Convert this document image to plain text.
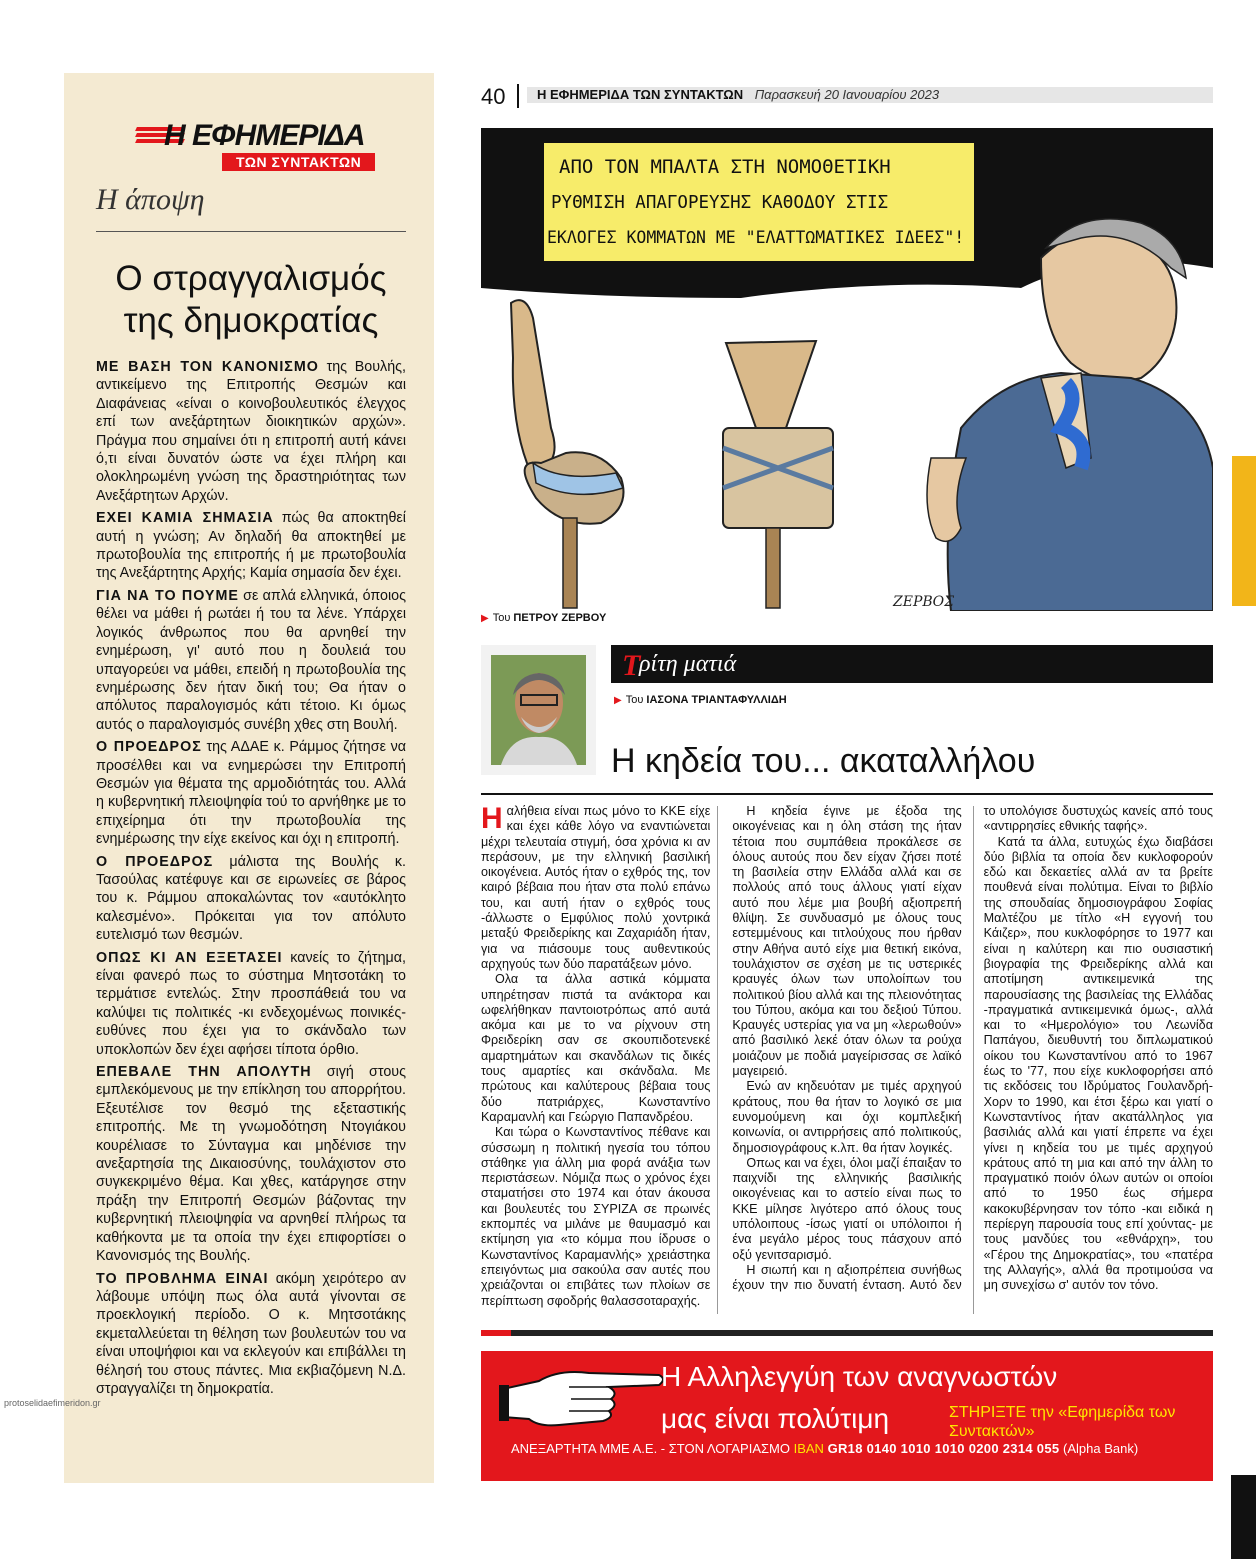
Η ΕΦΗΜΕΡΙΔΑ
ΤΩΝ ΣΥΝΤΑΚΤΩΝ
Η άποψη
Ο στραγγαλισμός
της δημοκρατίας

ΜΕ ΒΑΣΗ ΤΟΝ ΚΑΝΟΝΙΣΜΟ της Βουλής, αντικείμενο της Επιτροπής Θεσμών και Διαφάνειας «είναι ο κοινοβουλευτικός έλεγχος επί των ανεξάρτητων διοικητικών αρχών». Πράγμα που σημαίνει ότι η επιτροπή αυτή κάνει ό,τι είναι δυνατόν ώστε να έχει πλήρη και ολοκληρωμένη γνώση της δραστηριότητας των Ανεξάρτητων Αρχών.

ΕΧΕΙ ΚΑΜΙΑ ΣΗΜΑΣΙΑ πώς θα αποκτηθεί αυτή η γνώση; Αν δηλαδή θα αποκτηθεί με πρωτοβουλία της επιτροπής ή με πρωτοβουλία της Ανεξάρτητης Αρχής; Καμία σημασία δεν έχει.

ΓΙΑ ΝΑ ΤΟ ΠΟΥΜΕ σε απλά ελληνικά, όποιος θέλει να μάθει ή ρωτάει ή του τα λένε. Υπάρχει λογικός άνθρωπος που θα αρνηθεί την ενημέρωση, γι' αυτό που η δουλειά του υπαγορεύει να μάθει, επειδή η πρωτοβουλία της ενημέρωσης δεν ήταν δική του; Θα ήταν ο απόλυτος παραλογισμός κάτι τέτοιο. Κι όμως αυτός ο παραλογισμός συνέβη χθες στη Βουλή.

Ο ΠΡΟΕΔΡΟΣ της ΑΔΑΕ κ. Ράμμος ζήτησε να προσέλθει και να ενημερώσει την Επιτροπή Θεσμών για θέματα της αρμοδιότητάς του. Αλλά η κυβερνητική πλειοψηφία τού το αρνήθηκε με το επιχείρημα ότι την πρωτοβουλία της ενημέρωσης την είχε εκείνος και όχι η επιτροπή.

Ο ΠΡΟΕΔΡΟΣ μάλιστα της Βουλής κ. Τασούλας κατέφυγε και σε ειρωνείες σε βάρος του κ. Ράμμου αποκαλώντας τον «αυτόκλητο καλεσμένο». Πρόκειται για τον απόλυτο ευτελισμό των θεσμών.

ΟΠΩΣ ΚΙ ΑΝ ΕΞΕΤΑΣΕΙ κανείς το ζήτημα, είναι φανερό πως το σύστημα Μητσοτάκη το τερμάτισε εντελώς. Στην προσπάθειά του να καλύψει τις πολιτικές -κι ενδεχομένως ποινικές- ευθύνες που έχει για το σκάνδαλο των υποκλοπών δεν έχει αφήσει τίποτα όρθιο.

ΕΠΕΒΑΛΕ ΤΗΝ ΑΠΟΛΥΤΗ σιγή στους εμπλεκόμενους με την επίκληση του απορρήτου. Εξευτέλισε τον θεσμό της εξεταστικής επιτροπής. Με τη γνωμοδότηση Ντογιάκου κουρέλιασε το Σύνταγμα και μηδένισε την ανεξαρτησία της Δικαιοσύνης, τουλάχιστον στο συγκεκριμένο θέμα. Και χθες, κατάργησε στην πράξη την Επιτροπή Θεσμών βάζοντας την κυβερνητική πλειοψηφία να αρνηθεί πλήρως τα καθήκοντα με τα οποία την έχει επιφορτίσει ο Κανονισμός της Βουλής.

ΤΟ ΠΡΟΒΛΗΜΑ ΕΙΝΑΙ ακόμη χειρότερο αν λάβουμε υπόψη πως όλα αυτά γίνονται σε προεκλογική περίοδο. Ο κ. Μητσοτάκης εκμεταλλεύεται τη θέληση των βουλευτών του να είναι υποψήφιοι και να εκλεγούν και επιβάλλει τη θέλησή του στους πάντες. Μια εκβιαζόμενη Ν.Δ. στραγγαλίζει τη δημοκρατία.

40	Η ΕΦΗΜΕΡΙΔΑ ΤΩΝ ΣΥΝΤΑΚΤΩΝ Παρασκευή 20 Ιανουαρίου 2023
ΑΠΟ ΤΟΝ ΜΠΑΛΤΑ ΣΤΗ ΝΟΜΟΘΕΤΙΚΗ
ΡΥΘΜΙΣΗ ΑΠΑΓΟΡΕΥΣΗΣ ΚΑΘΟΔΟΥ ΣΤΙΣ
ΕΚΛΟΓΕΣ ΚΟΜΜΑΤΩΝ ΜΕ "ΕΛΑΤΤΩΜΑΤΙΚΕΣ ΙΔΕΕΣ"!
ΖΕΡΒΟΣ
▶ Του ΠΕΤΡΟΥ ΖΕΡΒΟΥ
Τ
ρίτη ματιά
▶ Του ΙΑΣΟΝΑ ΤΡΙΑΝΤΑΦΥΛΛΙΔΗ
Η κηδεία του... ακαταλλήλου

Ηαλήθεια είναι πως μόνο το ΚΚΕ είχε και έχει κάθε λόγο να εναντιώνεται μέχρι τελευταία στιγμή, όσα χρόνια κι αν περάσουν, με την ελληνική βασιλική οικογένεια. Αυτός ήταν ο εχθρός της, τον καιρό βέβαια που ήταν στα πολύ επάνω του, και αυτή ήταν ο εχθρός τους -άλλωστε ο Εμφύλιος πολύ χοντρικά μεταξύ Φρειδερίκης και Ζαχαριάδη ήταν, για να πιάσουμε τους αυθεντικούς αρχηγούς των δύο παρατάξεων μόνο.

Ολα τα άλλα αστικά κόμματα υπηρέτησαν πιστά τα ανάκτορα και ωφελήθηκαν παντοιοτρόπως από αυτά ακόμα και με το να ρίχνουν στη Φρειδερίκη σαν σε σκουπιδοτενεκέ αμαρτημάτων και σκανδάλων τις δικές τους αμαρτίες και σκάνδαλα. Με πρώτους και καλύτερους βέβαια τους δύο πατριάρχες, Κωνσταντίνο Καραμανλή και Γεώργιο Παπανδρέου.

Και τώρα ο Κωνσταντίνος πέθανε και σύσσωμη η πολιτική ηγεσία του τόπου στάθηκε για άλλη μια φορά ανάξια των περιστάσεων. Νόμιζα πως ο χρόνος έχει σταματήσει στο 1974 και όταν άκουσα και βουλευτές του ΣΥΡΙΖΑ σε πρωινές εκπομπές να μιλάνε με θαυμασμό και εκτίμηση για «το κόμμα που ίδρυσε ο Κωνσταντίνος Καραμανλής» χρειάστηκα επειγόντως μια σακούλα σαν αυτές που χρειάζονται οι επιβάτες των πλοίων σε περίπτωση σφοδρής θαλασσοταραχής.

Η κηδεία έγινε με έξοδα της οικογένειας και η όλη στάση της ήταν τέτοια που συμπάθεια προκάλεσε σε όλους αυτούς που δεν είχαν ζήσει ποτέ τη βασιλεία στην Ελλάδα αλλά και σε πολλούς από τους άλλους γιατί είχαν αυτό που λέμε μια βουβή αξιοπρεπή θλίψη. Σε συνδυασμό με όλους τους εστεμμένους και τιτλούχους που ήρθαν στην Αθήνα αυτό είχε μια θετική εικόνα, τουλάχιστον σε σχέση με τις υστερικές κραυγές όλων των υπολοίπων του πολιτικού βίου αλλά και της πλειονότητας του Τύπου, ακόμα και του δεξιού Τύπου. Κραυγές υστερίας για να μη «λερωθούν» από βασιλικό λεκέ όταν όλων τα ρούχα μοιάζουν με ποδιά μαγείρισσας σε λαϊκό μαγειρειό.

Ενώ αν κηδευόταν με τιμές αρχηγού κράτους, που θα ήταν το λογικό σε μια ευνομούμενη και όχι κομπλεξική κοινωνία, οι αντιρρήσεις από πολιτικούς, δημοσιογράφους κ.λπ. θα ήταν λογικές.

Οπως και να έχει, όλοι μαζί έπαιξαν το παιχνίδι της ελληνικής βασιλικής οικογένειας και το αστείο είναι πως το ΚΚΕ μίλησε λιγότερο από όλους τους υπόλοιπους -ίσως γιατί οι υπόλοιποι ή ένα μεγάλο μέρος τους πάσχουν από οξύ γενιτσαρισμό.

Η σιωπή και η αξιοπρέπεια συνήθως έχουν την πιο δυνατή ένταση. Αυτό δεν το υπολόγισε δυστυχώς κανείς από τους «αντιρρησίες εθνικής ταφής».

Κατά τα άλλα, ευτυχώς έχω διαβάσει δύο βιβλία τα οποία δεν κυκλοφορούν εδώ και δεκαετίες αλλά αν τα βρείτε πουθενά είναι πολύτιμα. Είναι το βιβλίο της σπουδαίας δημοσιογράφου Σοφίας Μαλτέζου με τίτλο «Η εγγονή του Κάιζερ», που κυκλοφόρησε το 1977 και είναι η καλύτερη και πιο ουσιαστική βιογραφία της Φρειδερίκης αλλά και αποτίμηση αντικειμενικά της παρουσίασης της βασιλείας της Ελλάδας -πραγματικά αντικειμενικά όμως-, αλλά και το «Ημερολόγιο» του Λεωνίδα Παπάγου, διευθυντή του διπλωματικού οίκου του Κωνσταντίνου από το 1967 έως το '77, που είχε κυκλοφορήσει από τις εκδόσεις του Ιδρύματος Γουλανδρή-Χορν το 1990, και έτσι ξέρω και γιατί ο Κωνσταντίνος ήταν ακατάλληλος για βασιλιάς αλλά και γιατί έπρεπε να έχει γίνει η κηδεία του με τιμές αρχηγού κράτους από τη μια και από την άλλη το πραγματικό ποιόν όλων αυτών οι οποίοι από το 1950 έως σήμερα κακοκυβέρνησαν τον τόπο -και ειδικά η περίεργη παρουσία τους επί χούντας- με τους μανδύες του «εθνάρχη», του «Γέρου της Δημοκρατίας», του «πατέρα της Αλλαγής», αλλά θα προτιμούσα να μη συνεχίσω σ' αυτόν τον τόνο.

Η Αλληλεγγύη των αναγνωστών
μας είναι πολύτιμη	ΣΤΗΡΙΞΤΕ την «Εφημερίδα των Συντακτών»
ΑΝΕΞΑΡΤΗΤΑ ΜΜΕ Α.Ε. - ΣΤΟΝ ΛΟΓΑΡΙΑΣΜΟ IBAN GR18 0140 1010 1010 0200 2314 055 (Alpha Bank)
protoselidaefimeridon.gr
